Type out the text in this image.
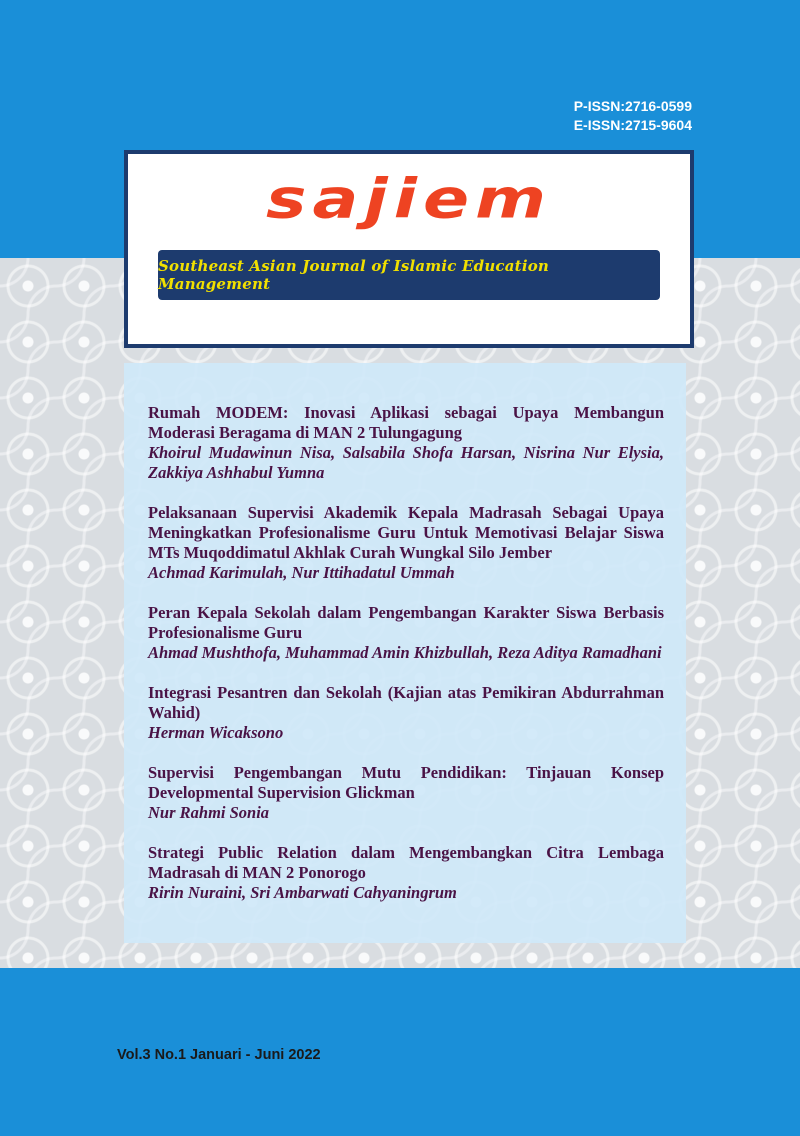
P-ISSN:2716-0599
E-ISSN:2715-9604
sajiem
Southeast Asian Journal of Islamic Education Management
Rumah MODEM: Inovasi Aplikasi sebagai Upaya Membangun Moderasi Beragama di MAN 2 Tulungagung
Khoirul Mudawinun Nisa, Salsabila Shofa Harsan, Nisrina Nur Elysia, Zakkiya Ashhabul Yumna
Pelaksanaan Supervisi Akademik Kepala Madrasah Sebagai Upaya Meningkatkan Profesionalisme Guru Untuk Memotivasi Belajar Siswa MTs Muqoddimatul Akhlak Curah Wungkal Silo Jember
Achmad Karimulah, Nur Ittihadatul Ummah
Peran Kepala Sekolah dalam Pengembangan Karakter Siswa Berbasis Profesionalisme Guru
Ahmad Mushthofa, Muhammad Amin Khizbullah, Reza Aditya Ramadhani
Integrasi Pesantren dan Sekolah (Kajian atas Pemikiran Abdurrahman Wahid)
Herman Wicaksono
Supervisi Pengembangan Mutu Pendidikan: Tinjauan Konsep Developmental Supervision Glickman
Nur Rahmi Sonia
Strategi Public Relation dalam Mengembangkan Citra Lembaga Madrasah di MAN 2 Ponorogo
Ririn Nuraini, Sri Ambarwati Cahyaningrum
Vol.3 No.1 Januari - Juni 2022
